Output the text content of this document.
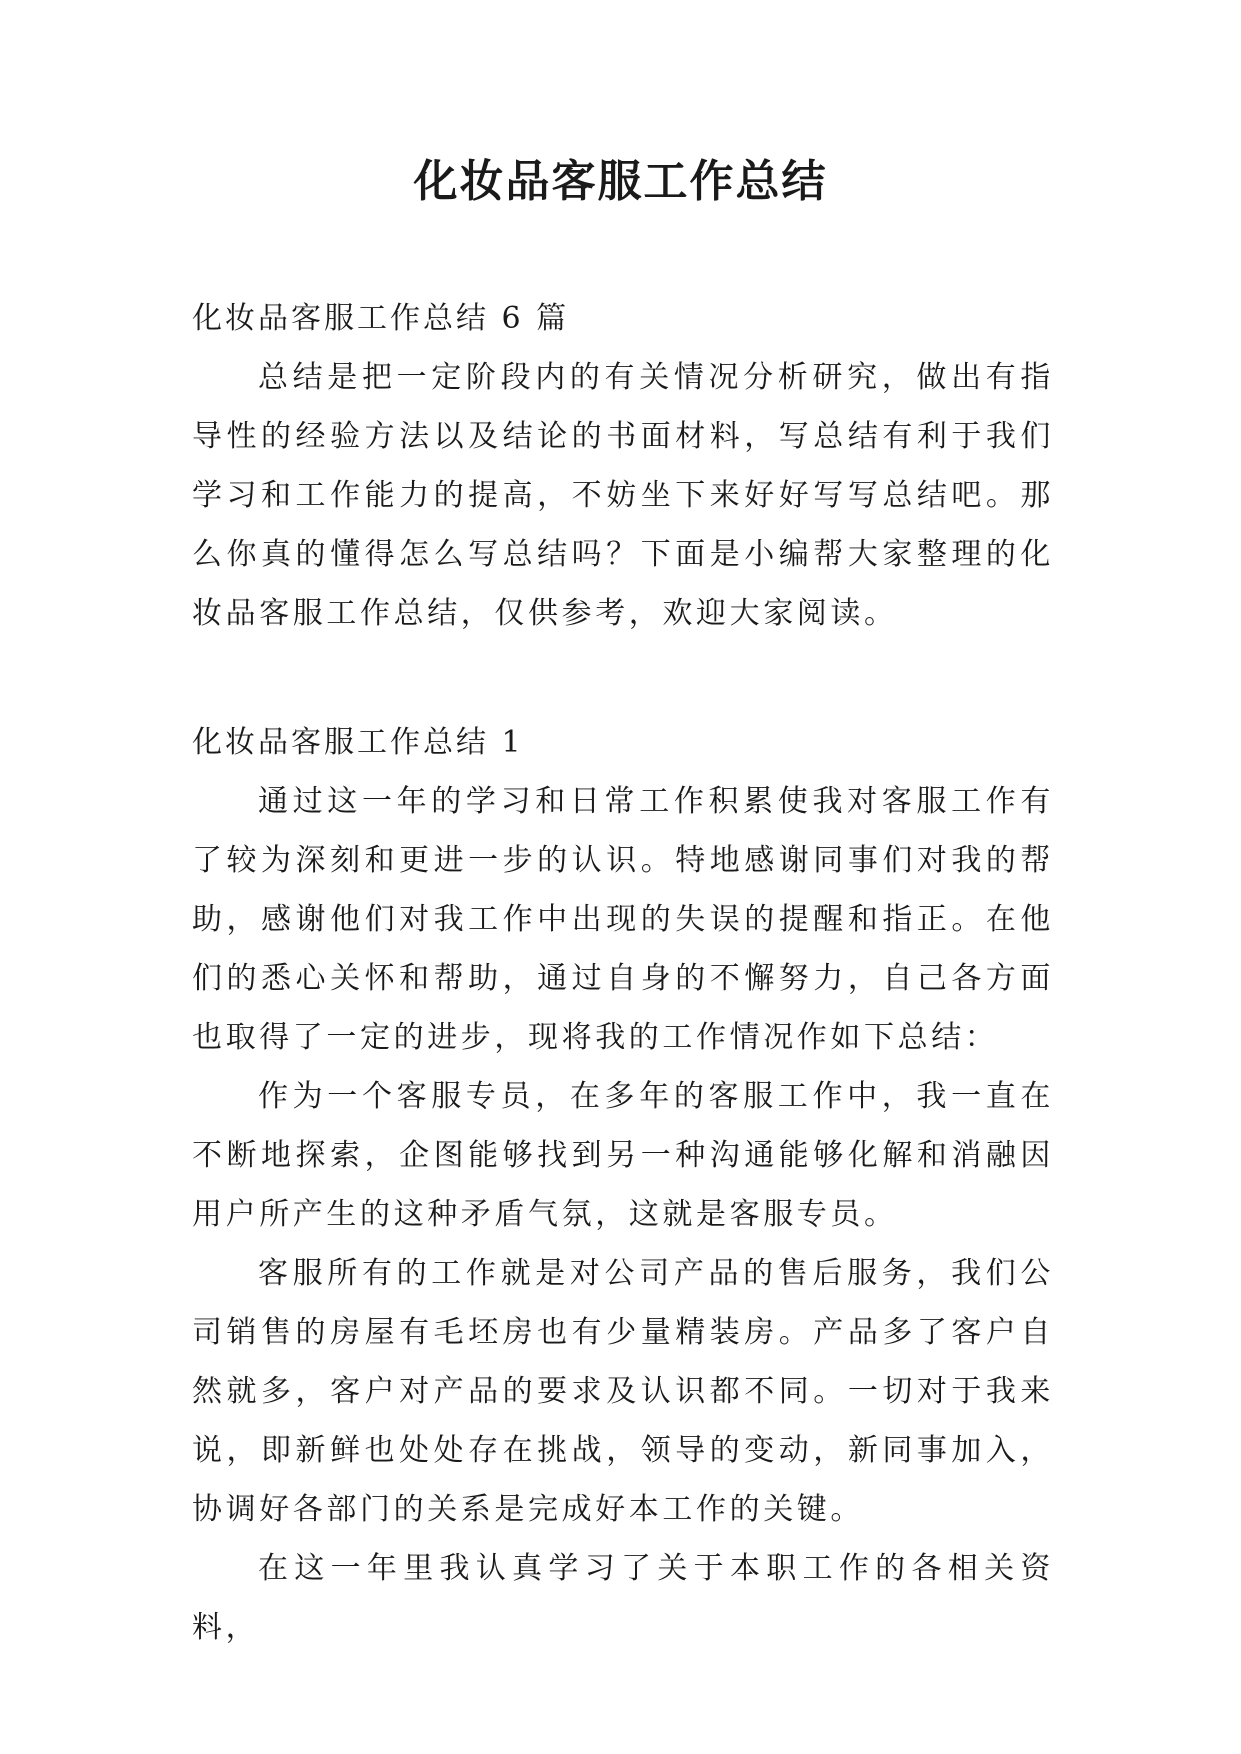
化妆品客服工作总结

化妆品客服工作总结 6 篇

总结是把一定阶段内的有关情况分析研究，做出有指导性的经验方法以及结论的书面材料，写总结有利于我们学习和工作能力的提高，不妨坐下来好好写写总结吧。那么你真的懂得怎么写总结吗？下面是小编帮大家整理的化妆品客服工作总结，仅供参考，欢迎大家阅读。

化妆品客服工作总结 1

通过这一年的学习和日常工作积累使我对客服工作有了较为深刻和更进一步的认识。特地感谢同事们对我的帮助，感谢他们对我工作中出现的失误的提醒和指正。在他们的悉心关怀和帮助，通过自身的不懈努力，自己各方面也取得了一定的进步，现将我的工作情况作如下总结：

作为一个客服专员，在多年的客服工作中，我一直在不断地探索，企图能够找到另一种沟通能够化解和消融因用户所产生的这种矛盾气氛，这就是客服专员。

客服所有的工作就是对公司产品的售后服务，我们公司销售的房屋有毛坯房也有少量精装房。产品多了客户自然就多，客户对产品的要求及认识都不同。一切对于我来说，即新鲜也处处存在挑战，领导的变动，新同事加入，协调好各部门的关系是完成好本工作的关键。

在这一年里我认真学习了关于本职工作的各相关资料，
